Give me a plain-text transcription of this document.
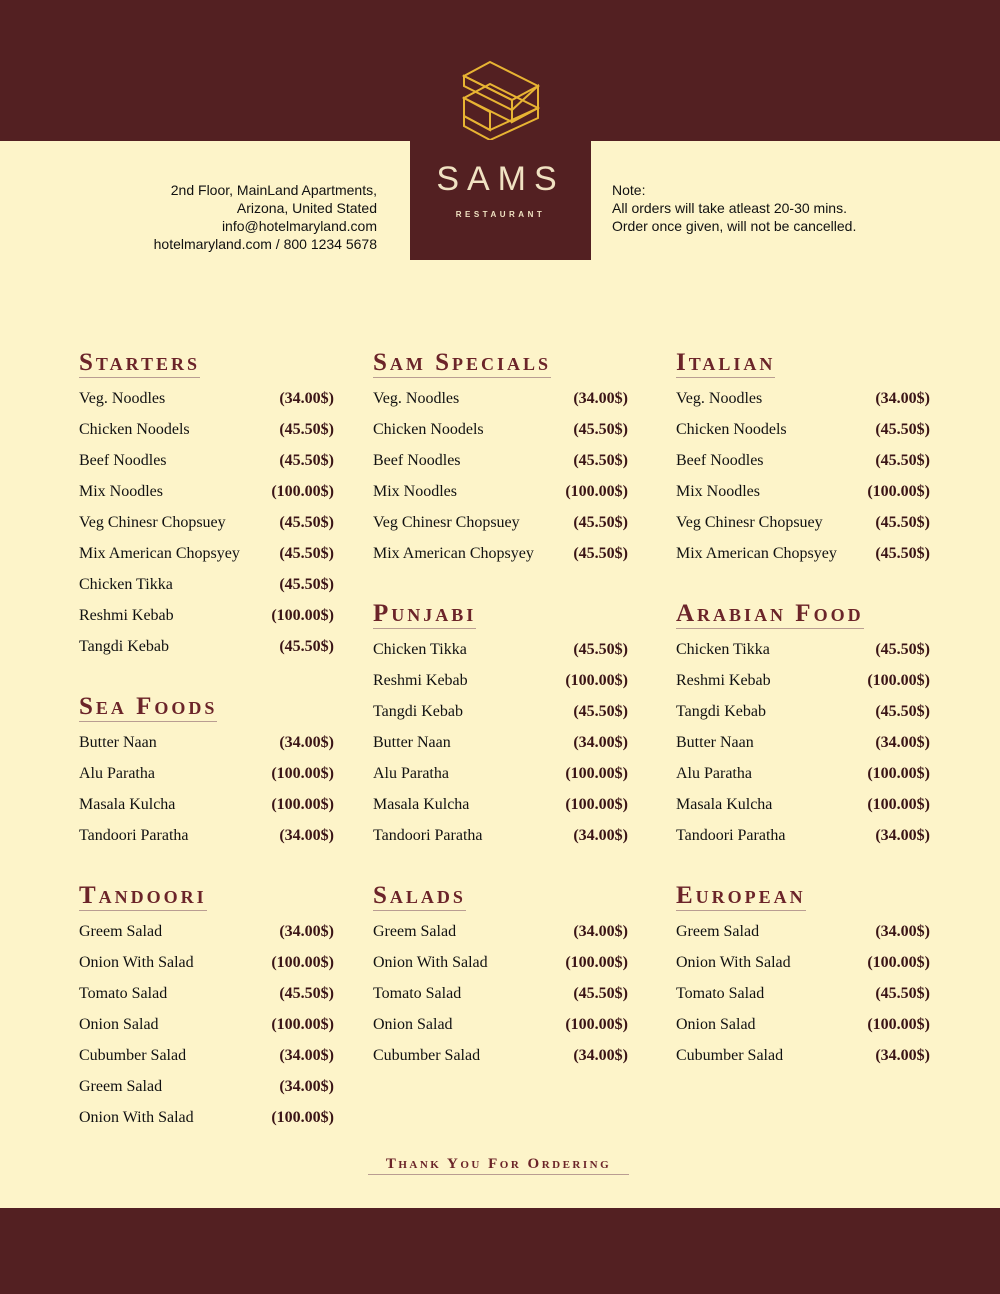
SAMS
RESTAURANT
2nd Floor, MainLand Apartments,
Arizona, United Stated
info@hotelmaryland.com
hotelmaryland.com / 800 1234 5678
Note:
All orders will take atleast 20-30 mins.
Order once given, will not be cancelled.
Starters
Veg. Noodles	(34.00$)
Chicken Noodels	(45.50$)
Beef Noodles	(45.50$)
Mix Noodles	(100.00$)
Veg Chinesr Chopsuey	(45.50$)
Mix American Chopsyey (45.50$)
Chicken Tikka	(45.50$)
Reshmi Kebab	(100.00$)
Tangdi Kebab	(45.50$)
Sea Foods
Butter Naan	(34.00$)
Alu Paratha	(100.00$)
Masala Kulcha	(100.00$)
Tandoori Paratha	(34.00$)
Tandoori
Greem Salad	(34.00$)
Onion With Salad	(100.00$)
Tomato Salad	(45.50$)
Onion Salad	(100.00$)
Cubumber Salad	(34.00$)
Greem Salad	(34.00$)
Onion With Salad	(100.00$)
Sam Specials
Veg. Noodles	(34.00$)
Chicken Noodels	(45.50$)
Beef Noodles	(45.50$)
Mix Noodles	(100.00$)
Veg Chinesr Chopsuey	(45.50$)
Mix American Chopsyey (45.50$)
Punjabi
Chicken Tikka	(45.50$)
Reshmi Kebab	(100.00$)
Tangdi Kebab	(45.50$)
Butter Naan	(34.00$)
Alu Paratha	(100.00$)
Masala Kulcha	(100.00$)
Tandoori Paratha	(34.00$)
Salads
Greem Salad	(34.00$)
Onion With Salad	(100.00$)
Tomato Salad	(45.50$)
Onion Salad	(100.00$)
Cubumber Salad	(34.00$)
Italian
Veg. Noodles	(34.00$)
Chicken Noodels	(45.50$)
Beef Noodles	(45.50$)
Mix Noodles	(100.00$)
Veg Chinesr Chopsuey	(45.50$)
Mix American Chopsyey (45.50$)
Arabian Food
Chicken Tikka	(45.50$)
Reshmi Kebab	(100.00$)
Tangdi Kebab	(45.50$)
Butter Naan	(34.00$)
Alu Paratha	(100.00$)
Masala Kulcha	(100.00$)
Tandoori Paratha	(34.00$)
European
Greem Salad	(34.00$)
Onion With Salad	(100.00$)
Tomato Salad	(45.50$)
Onion Salad	(100.00$)
Cubumber Salad	(34.00$)
Thank You For Ordering
